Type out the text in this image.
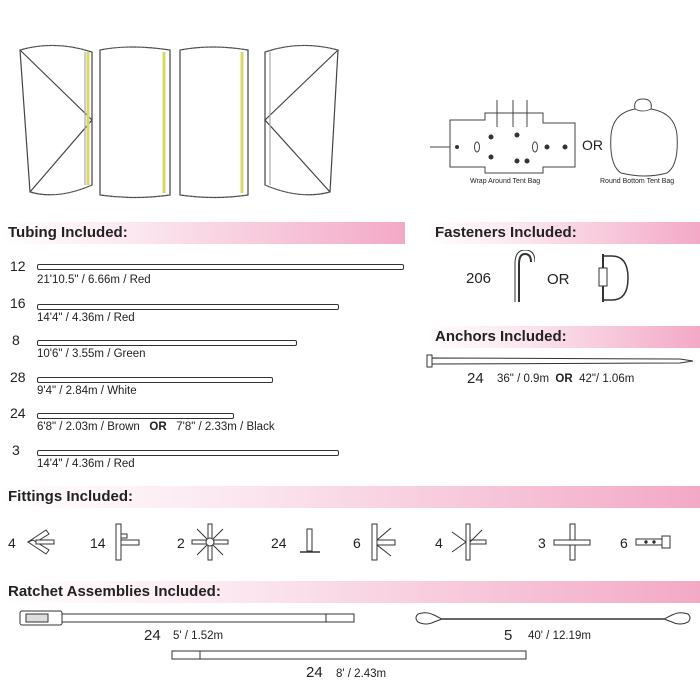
Wrap Around Tent Bag
OR
Round Bottom Tent Bag
Tubing Included:
12
21'10.5" / 6.66m / Red
16
14'4" / 4.36m / Red
8
10'6" / 3.55m / Green
28
9'4" / 2.84m / White
24
6'8" / 2.03m / Brown OR 7'8" / 2.33m / Black
3
14'4" / 4.36m / Red
Fasteners Included:
206	OR
Anchors Included:
24 36" / 0.9m OR 42"/ 1.06m
Fittings Included:
4	14	2	24	6	4	3	6
Ratchet Assemblies Included:
24 5' / 1.52m	5 40' / 12.19m
24 8' / 2.43m
